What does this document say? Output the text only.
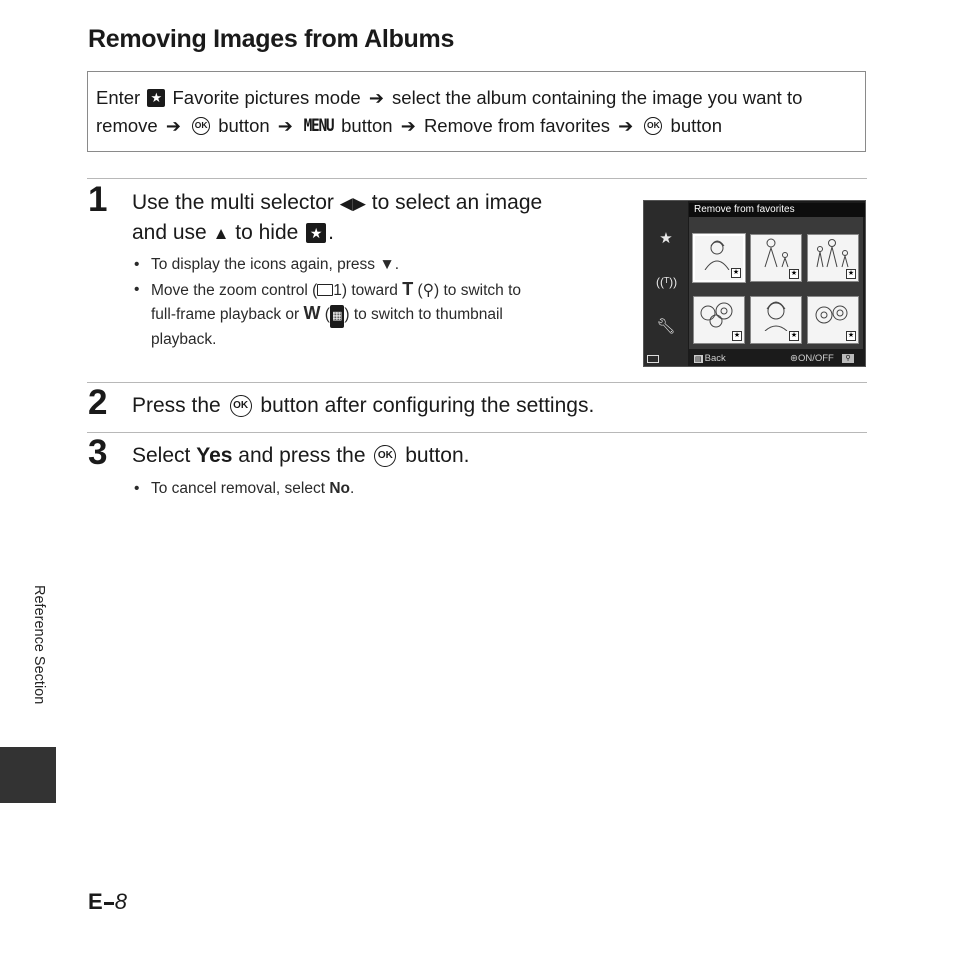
Removing Images from Albums
Enter ★ Favorite pictures mode ➔ select the album containing the image you want to
remove ➔ OK button ➔ MENU button ➔ Remove from favorites ➔ OK button
1 Use the multi selector ◀▶ to select an image
and use ▲ to hide ★ .
• To display the icons again, press ▼.
• Move the zoom control ( 1) toward T (⚲) to switch to
full-frame playback or W ( ▦ ) to switch to thumbnail
playback.
★
((ᵀ))
🔧︎
Remove from favorites
★	★	★
★	★	★
▤ Back	⊛ON/OFF	⚲
2 Press the OK button after configuring the settings.
3 Select Yes and press the OK button.
• To cancel removal, select No.
Reference Section
E 8
